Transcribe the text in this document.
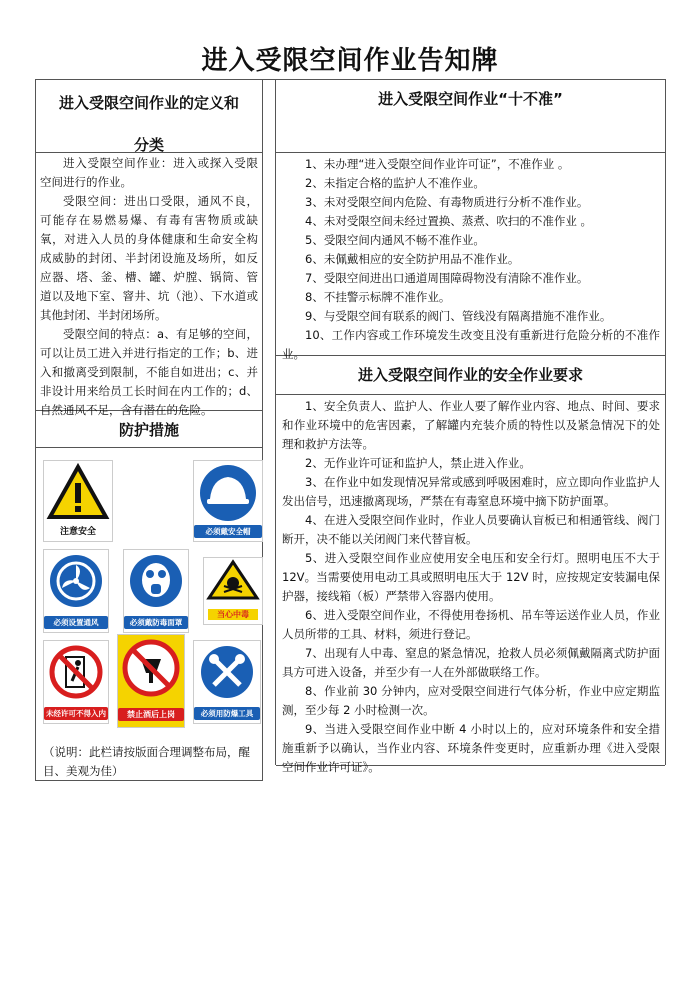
进入受限空间作业告知牌
进入受限空间作业的定义和
分类

进入受限空间作业：进入或探入受限空间进行的作业。

受限空间：进出口受限，通风不良，可能存在易燃易爆、有毒有害物质或缺氧，对进入人员的身体健康和生命安全构成威胁的封闭、半封闭设施及场所，如反应器、塔、釜、槽、罐、炉膛、锅筒、管道以及地下室、窨井、坑（池）、下水道或其他封闭、半封闭场所。

受限空间的特点：a、有足够的空间，可以让员工进入并进行指定的工作；b、进入和撤离受到限制，不能自如进出；c、并非设计用来给员工长时间在内工作的；d、自然通风不足，含有潜在的危险。

防护措施
注意安全	必须戴安全帽
必须设置通风	必须戴防毒面罩
当心中毒
未经许可不得入内	禁止酒后上岗	必须用防爆工具
（说明：此栏请按版面合理调整布局，醒目、美观为佳）
进入受限空间作业“十不准”

1、未办理“进入受限空间作业许可证”，不准作业 。

2、未指定合格的监护人不准作业。

3、未对受限空间内危险、有毒物质进行分析不准作业。

4、未对受限空间未经过置换、蒸煮、吹扫的不准作业 。

5、受限空间内通风不畅不准作业。

6、未佩戴相应的安全防护用品不准作业。

7、受限空间进出口通道周围障碍物没有清除不准作业。

8、不挂警示标牌不准作业。

9、与受限空间有联系的阀门、管线没有隔离措施不准作业。

10、工作内容或工作环境发生改变且没有重新进行危险分析的不准作业。

进入受限空间作业的安全作业要求

1、安全负责人、监护人、作业人要了解作业内容、地点、时间、要求和作业环境中的危害因素，了解罐内充装介质的特性以及紧急情况下的处理和救护方法等。

2、无作业许可证和监护人，禁止进入作业。

3、在作业中如发现情况异常或感到呼吸困难时，应立即向作业监护人发出信号，迅速撤离现场，严禁在有毒窒息环境中摘下防护面罩。

4、在进入受限空间作业时，作业人员要确认盲板已和相通管线、阀门断开，决不能以关闭阀门来代替盲板。

5、进入受限空间作业应使用安全电压和安全行灯。照明电压不大于 12V。当需要使用电动工具或照明电压大于 12V 时，应按规定安装漏电保护器，接线箱（板）严禁带入容器内使用。

6、进入受限空间作业，不得使用卷扬机、吊车等运送作业人员，作业人员所带的工具、材料，须进行登记。

7、出现有人中毒、窒息的紧急情况，抢救人员必须佩戴隔离式防护面具方可进入设备，并至少有一人在外部做联络工作。

8、作业前 30 分钟内，应对受限空间进行气体分析，作业中应定期监测，至少每 2 小时检测一次。

9、当进入受限空间作业中断 4 小时以上的，应对环境条件和安全措施重新予以确认，当作业内容、环境条件变更时，应重新办理《进入受限空间作业许可证》。
